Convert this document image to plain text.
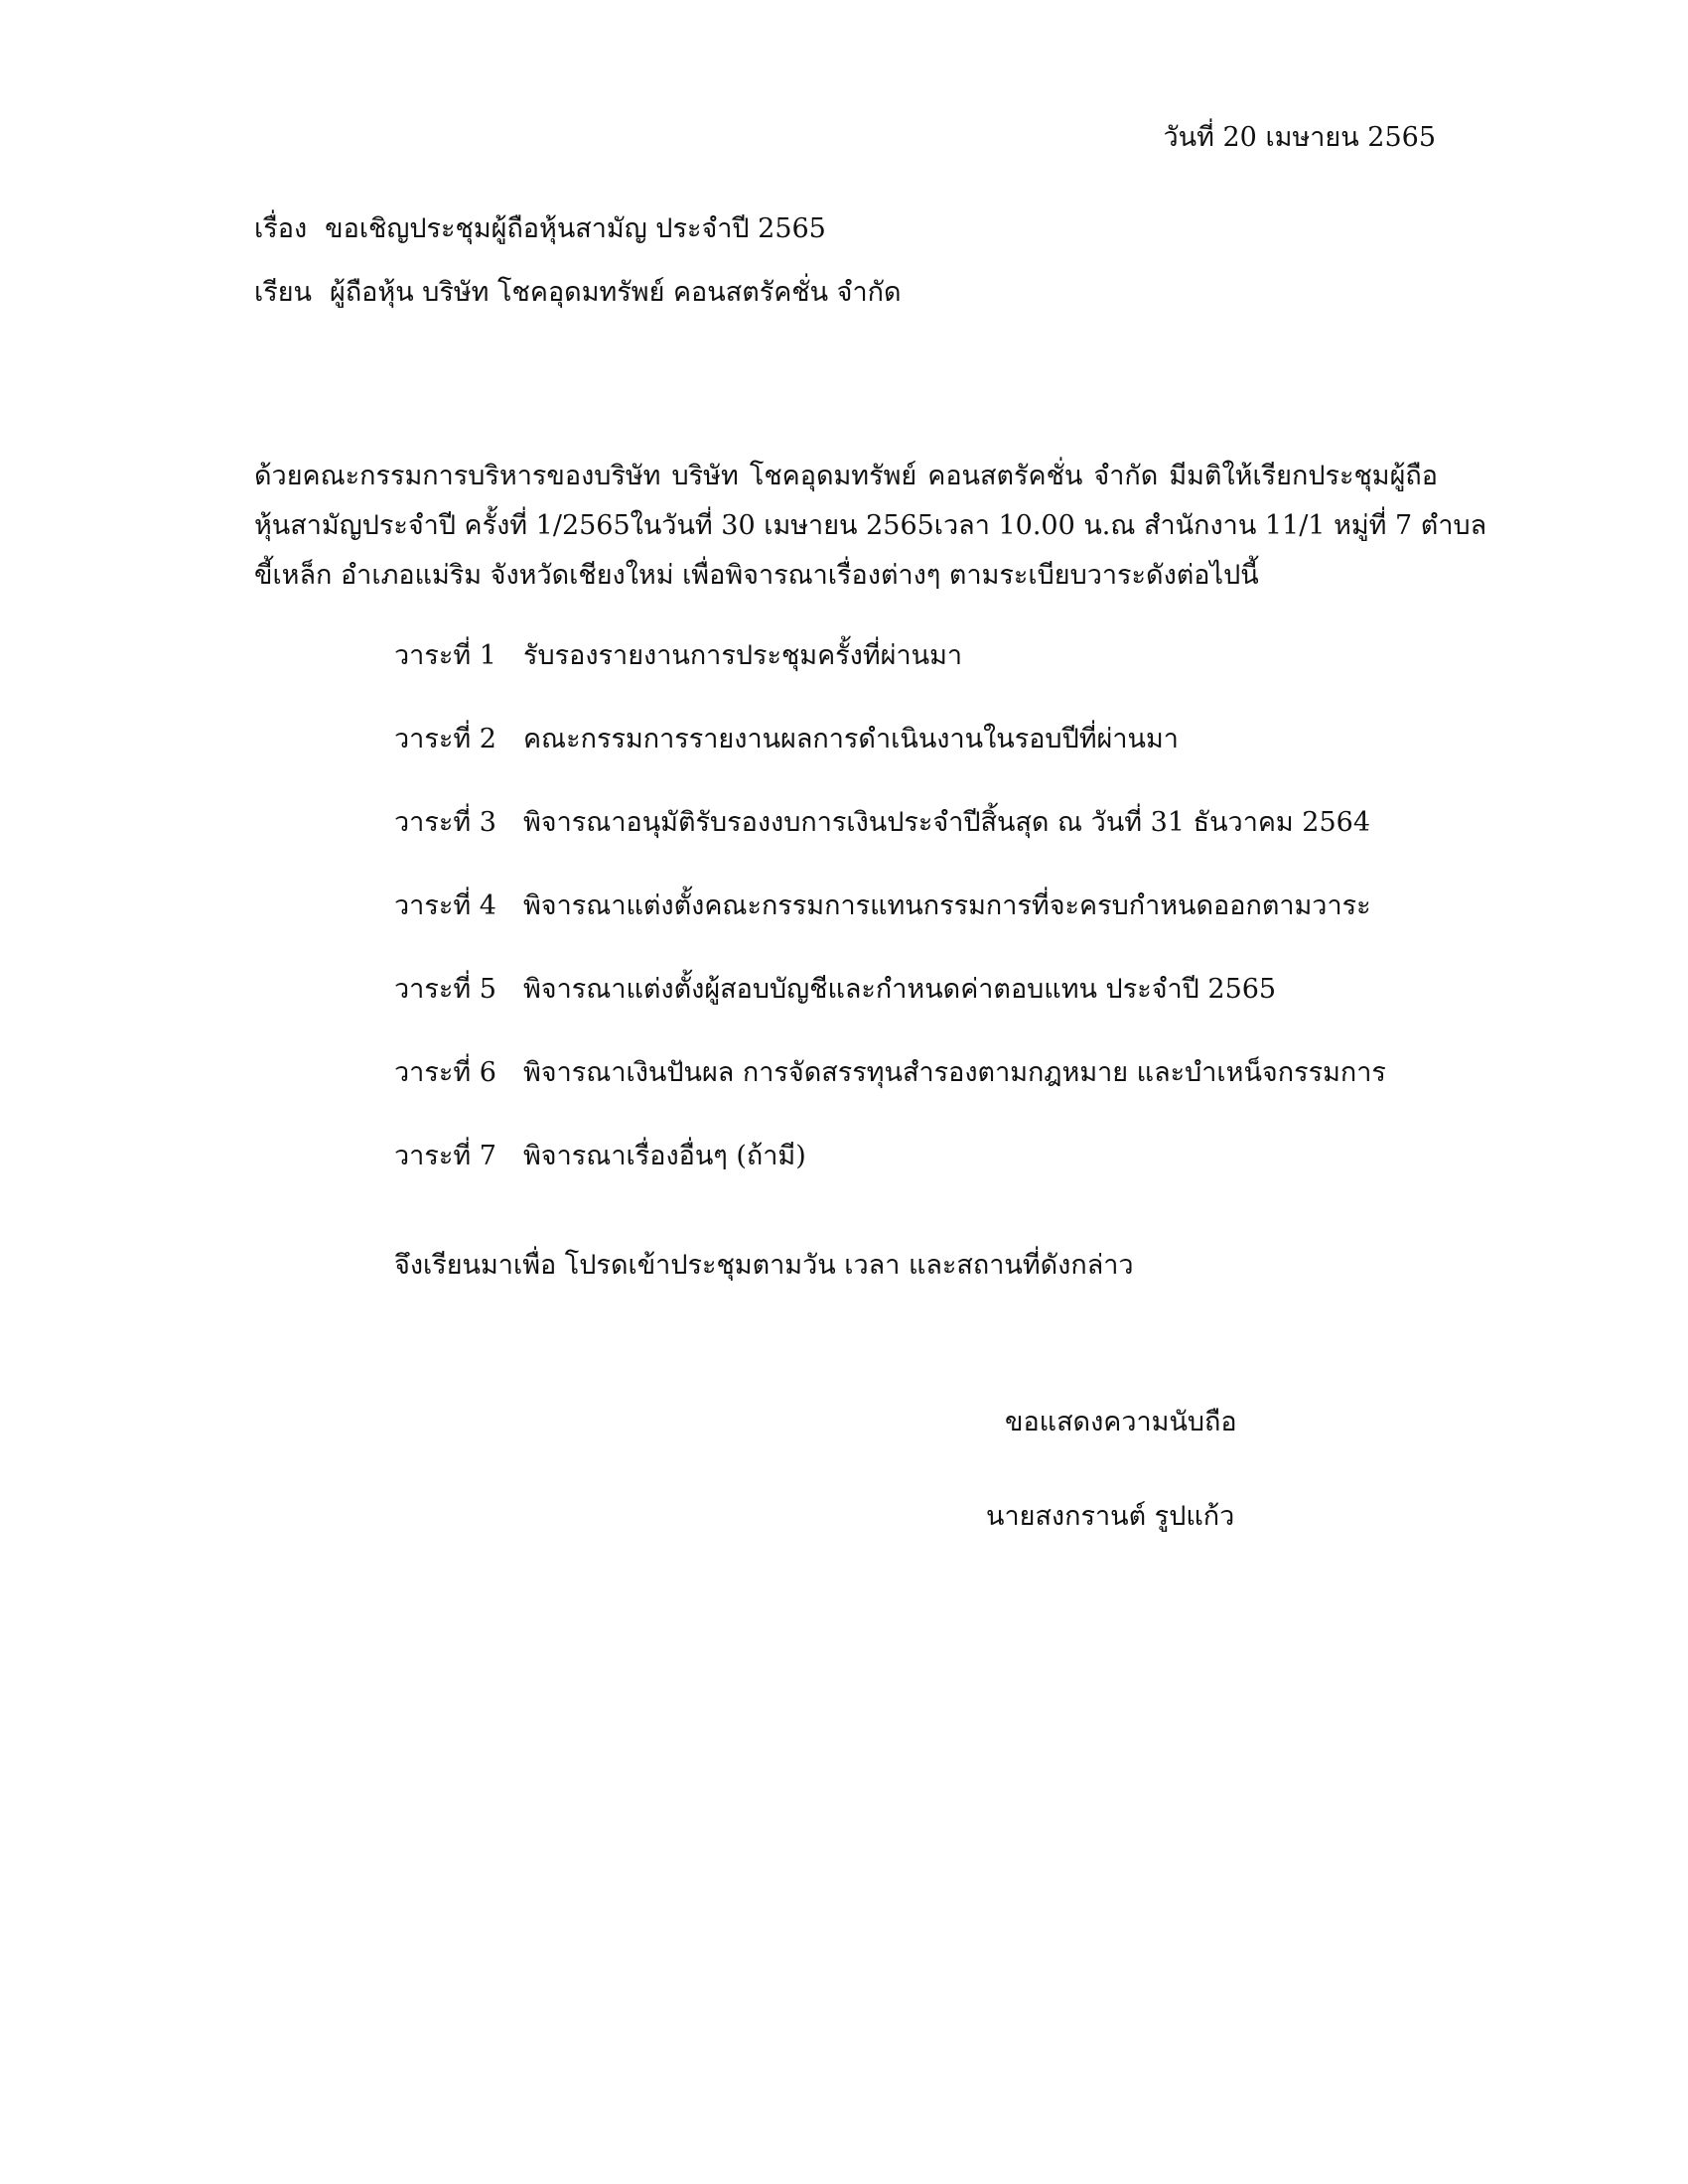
วันที่ 20 เมษายน 2565
เรื่อง ขอเชิญประชุมผู้ถือหุ้นสามัญ ประจำปี 2565
เรียน ผู้ถือหุ้น บริษัท โชคอุดมทรัพย์ คอนสตรัคชั่น จำกัด
ด้วยคณะกรรมการบริหารของบริษัท บริษัท โชคอุดมทรัพย์ คอนสตรัคชั่น จำกัด มีมติให้เรียกประชุมผู้ถือ
หุ้นสามัญประจำปี ครั้งที่ 1/2565ในวันที่ 30 เมษายน 2565เวลา 10.00 น.ณ สำนักงาน 11/1 หมู่ที่ 7 ตำบล
ขี้เหล็ก อำเภอแม่ริม จังหวัดเชียงใหม่ เพื่อพิจารณาเรื่องต่างๆ ตามระเบียบวาระดังต่อไปนี้
วาระที่ 1 รับรองรายงานการประชุมครั้งที่ผ่านมา
วาระที่ 2 คณะกรรมการรายงานผลการดำเนินงานในรอบปีที่ผ่านมา
วาระที่ 3 พิจารณาอนุมัติรับรองงบการเงินประจำปีสิ้นสุด ณ วันที่ 31 ธันวาคม 2564
วาระที่ 4 พิจารณาแต่งตั้งคณะกรรมการแทนกรรมการที่จะครบกำหนดออกตามวาระ
วาระที่ 5 พิจารณาแต่งตั้งผู้สอบบัญชีและกำหนดค่าตอบแทน ประจำปี 2565
วาระที่ 6 พิจารณาเงินปันผล การจัดสรรทุนสำรองตามกฎหมาย และบำเหน็จกรรมการ
วาระที่ 7 พิจารณาเรื่องอื่นๆ (ถ้ามี)
จึงเรียนมาเพื่อ โปรดเข้าประชุมตามวัน เวลา และสถานที่ดังกล่าว
ขอแสดงความนับถือ
นายสงกรานต์ รูปแก้ว
